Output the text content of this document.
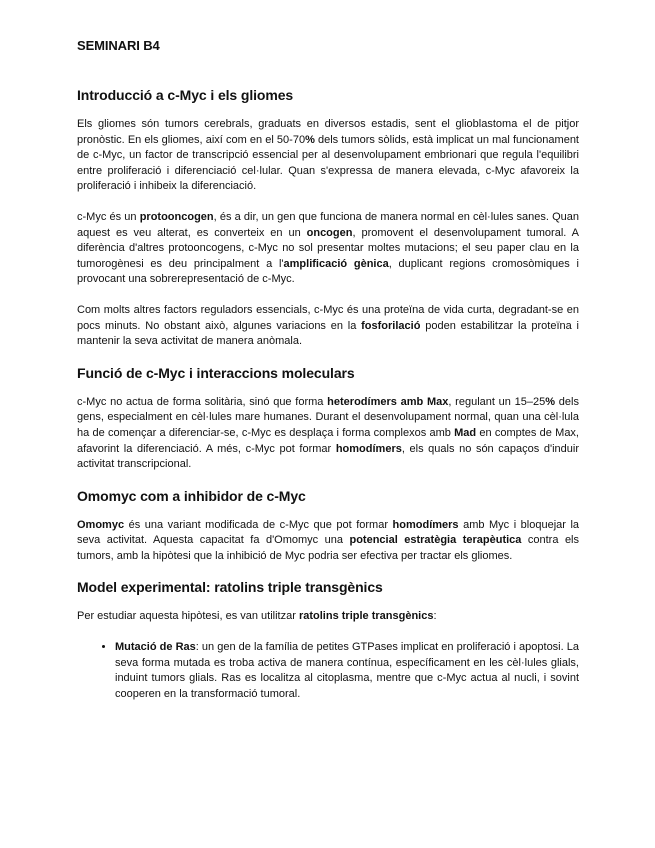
SEMINARI B4
Introducció a c-Myc i els gliomes

Els gliomes són tumors cerebrals, graduats en diversos estadis, sent el glioblastoma el de pitjor pronòstic. En els gliomes, així com en el 50-70% dels tumors sòlids, està implicat un mal funcionament de c-Myc, un factor de transcripció essencial per al desenvolupament embrionari que regula l'equilibri entre proliferació i diferenciació cel·lular. Quan s'expressa de manera elevada, c-Myc afavoreix la proliferació i inhibeix la diferenciació.

c-Myc és un protooncogen, és a dir, un gen que funciona de manera normal en cèl·lules sanes. Quan aquest es veu alterat, es converteix en un oncogen, promovent el desenvolupament tumoral. A diferència d'altres protooncogens, c-Myc no sol presentar moltes mutacions; el seu paper clau en la tumorogènesi es deu principalment a l'amplificació gènica, duplicant regions cromosòmiques i provocant una sobrerepresentació de c-Myc.

Com molts altres factors reguladors essencials, c-Myc és una proteïna de vida curta, degradant-se en pocs minuts. No obstant això, algunes variacions en la fosforilació poden estabilitzar la proteïna i mantenir la seva activitat de manera anòmala.

Funció de c-Myc i interaccions moleculars

c-Myc no actua de forma solitària, sinó que forma heterodímers amb Max, regulant un 15–25% dels gens, especialment en cèl·lules mare humanes. Durant el desenvolupament normal, quan una cèl·lula ha de començar a diferenciar-se, c-Myc es desplaça i forma complexos amb Mad en comptes de Max, afavorint la diferenciació. A més, c-Myc pot formar homodímers, els quals no són capaços d'induir activitat transcripcional.

Omomyc com a inhibidor de c-Myc

Omomyc és una variant modificada de c-Myc que pot formar homodímers amb Myc i bloquejar la seva activitat. Aquesta capacitat fa d'Omomyc una potencial estratègia terapèutica contra els tumors, amb la hipòtesi que la inhibició de Myc podria ser efectiva per tractar els gliomes.

Model experimental: ratolins triple transgènics

Per estudiar aquesta hipòtesi, es van utilitzar ratolins triple transgènics:

• Mutació de Ras: un gen de la família de petites GTPases implicat en proliferació i apoptosi. La seva forma mutada es troba activa de manera contínua, específicament en les cèl·lules glials, induint tumors glials. Ras es localitza al citoplasma, mentre que c-Myc actua al nucli, i sovint cooperen en la transformació tumoral.
